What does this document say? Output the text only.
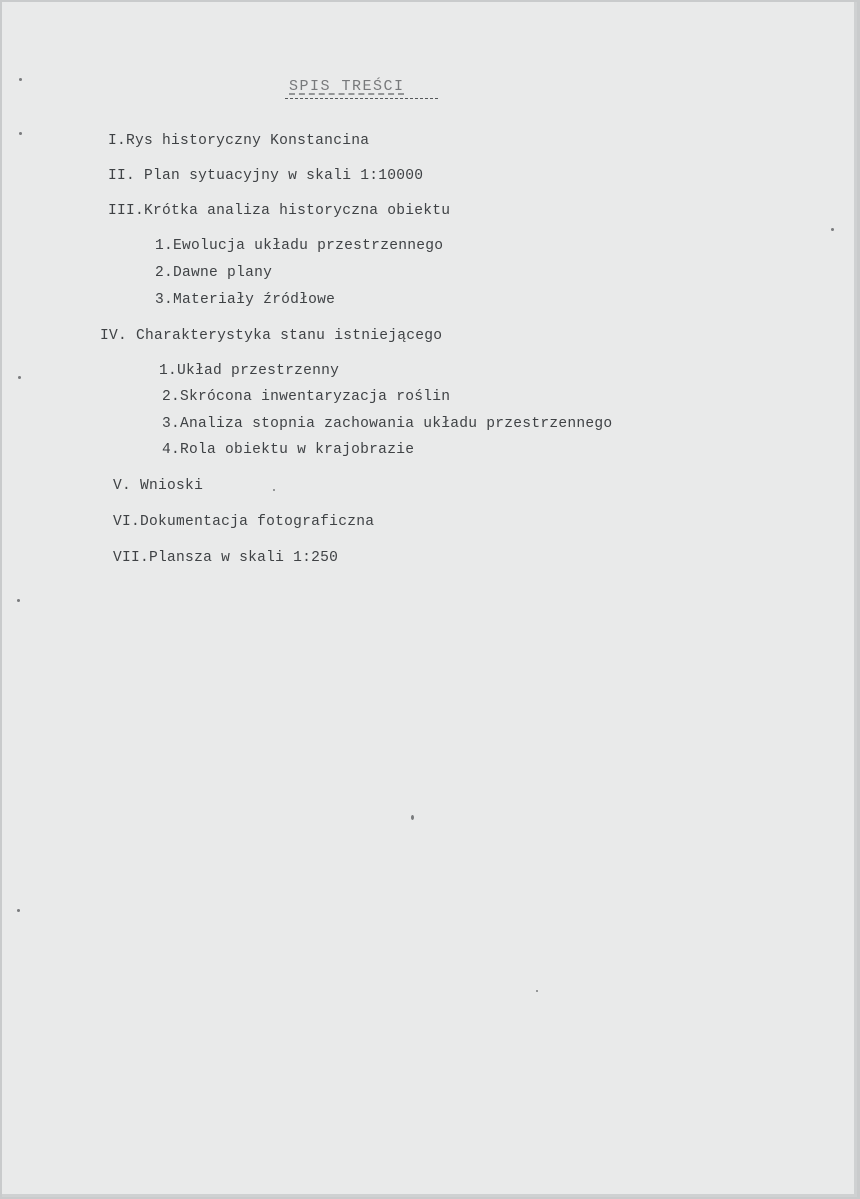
SPIS TREŚCI
I.Rys historyczny Konstancina
II. Plan sytuacyjny w skali 1:10000
III.Krótka analiza historyczna obiektu
1.Ewolucja układu przestrzennego
2.Dawne plany
3.Materiały źródłowe
IV. Charakterystyka stanu istniejącego
1.Układ przestrzenny
2.Skrócona inwentaryzacja roślin
3.Analiza stopnia zachowania układu przestrzennego
4.Rola obiektu w krajobrazie
V. Wnioski
VI.Dokumentacja fotograficzna
VII.Plansza w skali 1:250
